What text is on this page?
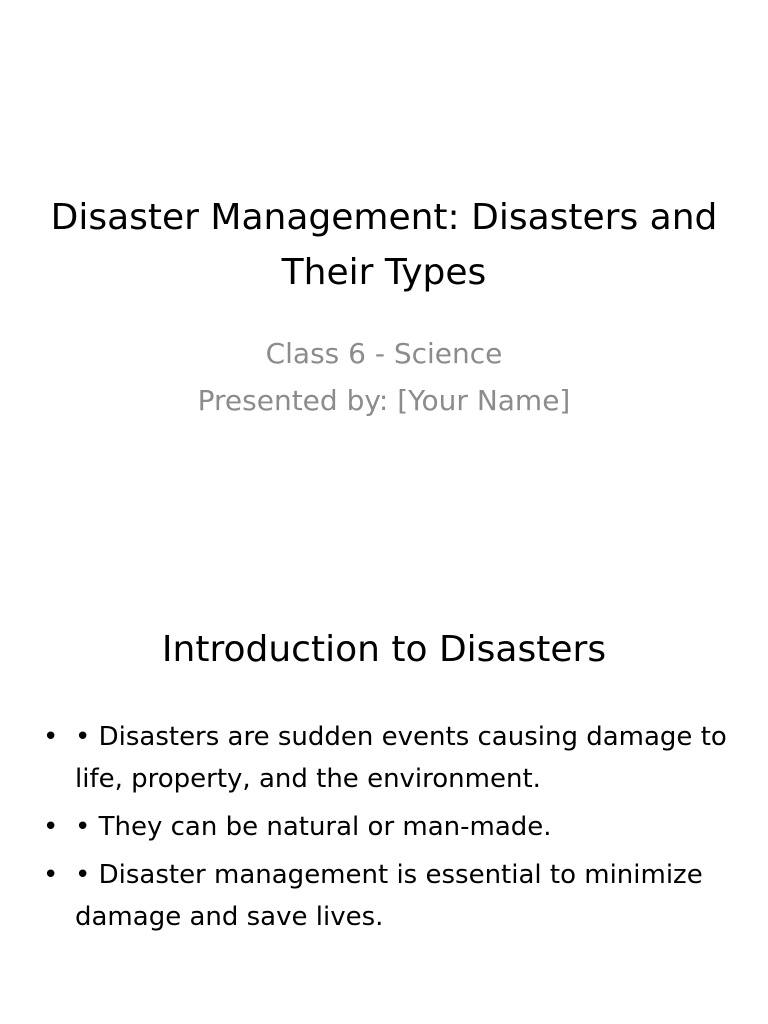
Disaster Management: Disasters and Their Types
Class 6 - Science
Presented by: [Your Name]
Introduction to Disasters
• • Disasters are sudden events causing damage to life, property, and the environment.
• • They can be natural or man-made.
• • Disaster management is essential to minimize damage and save lives.
